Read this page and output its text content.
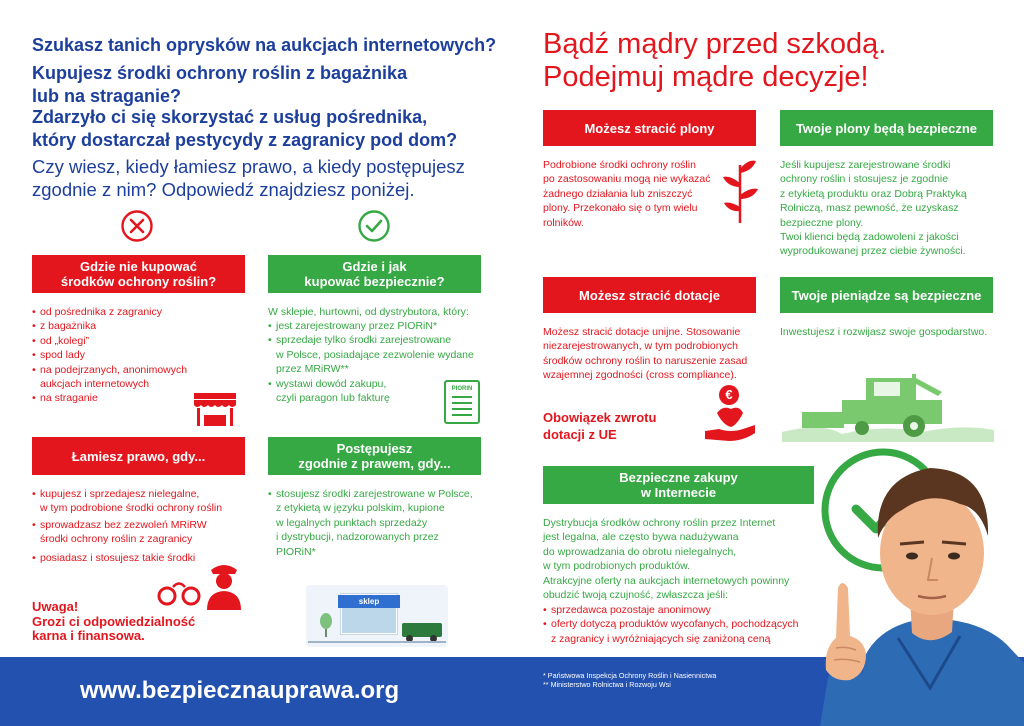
Szukasz tanich oprysków na aukcjach internetowych?
Kupujesz środki ochrony roślin z bagażnika
lub na straganie?
Zdarzyło ci się skorzystać z usług pośrednika,
który dostarczał pestycydy z zagranicy pod dom?
Czy wiesz, kiedy łamiesz prawo, a kiedy postępujesz
zgodnie z nim? Odpowiedź znajdziesz poniżej.
Gdzie nie kupować
środków ochrony roślin?
• od pośrednika z zagranicy
• z bagażnika
• od „kolegi”
• spod lady
• na podejrzanych, anonimowych
aukcjach internetowych
• na straganie
Gdzie i jak
kupować bezpiecznie?
W sklepie, hurtowni, od dystrybutora, który:
• jest zarejestrowany przez PIORiN*
• sprzedaje tylko środki zarejestrowane
w Polsce, posiadające zezwolenie wydane
przez MRiRW**
• wystawi dowód zakupu,
czyli paragon lub fakturę
PIORIN
Łamiesz prawo, gdy...
• kupujesz i sprzedajesz nielegalne,
w tym podrobione środki ochrony roślin
• sprowadzasz bez zezwoleń MRiRW
środki ochrony roślin z zagranicy
• posiadasz i stosujesz takie środki
Uwaga!
Grozi ci odpowiedzialność
karna i finansowa.
Postępujesz
zgodnie z prawem, gdy...
• stosujesz środki zarejestrowane w Polsce,
z etykietą w języku polskim, kupione
w legalnych punktach sprzedaży
i dystrybucji, nadzorowanych przez
PIORiN*
sklep
Bądź mądry przed szkodą.
Podejmuj mądre decyzje!
Możesz stracić plony
Podrobione środki ochrony roślin
po zastosowaniu mogą nie wykazać
żadnego działania lub zniszczyć
plony. Przekonało się o tym wielu
rolników.
Twoje plony będą bezpieczne
Jeśli kupujesz zarejestrowane środki
ochrony roślin i stosujesz je zgodnie
z etykietą produktu oraz Dobrą Praktyką
Rolniczą, masz pewność, że uzyskasz
bezpieczne plony.
Twoi klienci będą zadowoleni z jakości
wyprodukowanej przez ciebie żywności.
Możesz stracić dotacje
Możesz stracić dotacje unijne. Stosowanie
niezarejestrowanych, w tym podrobionych
środków ochrony roślin to naruszenie zasad
wzajemnej zgodności (cross compliance).
Obowiązek zwrotu
dotacji z UE
€
Twoje pieniądze są bezpieczne
Inwestujesz i rozwijasz swoje gospodarstwo.
Bezpieczne zakupy
w Internecie
Dystrybucja środków ochrony roślin przez Internet
jest legalna, ale często bywa nadużywana
do wprowadzania do obrotu nielegalnych,
w tym podrobionych produktów.
Atrakcyjne oferty na aukcjach internetowych powinny
obudzić twoją czujność, zwłaszcza jeśli:
• sprzedawca pozostaje anonimowy
• oferty dotyczą produktów wycofanych, pochodzących
z zagranicy i wyróżniających się zaniżoną ceną
www.bezpiecznauprawa.org
* Państwowa Inspekcja Ochrony Roślin i Nasiennictwa
** Ministerstwo Rolnictwa i Rozwoju Wsi
